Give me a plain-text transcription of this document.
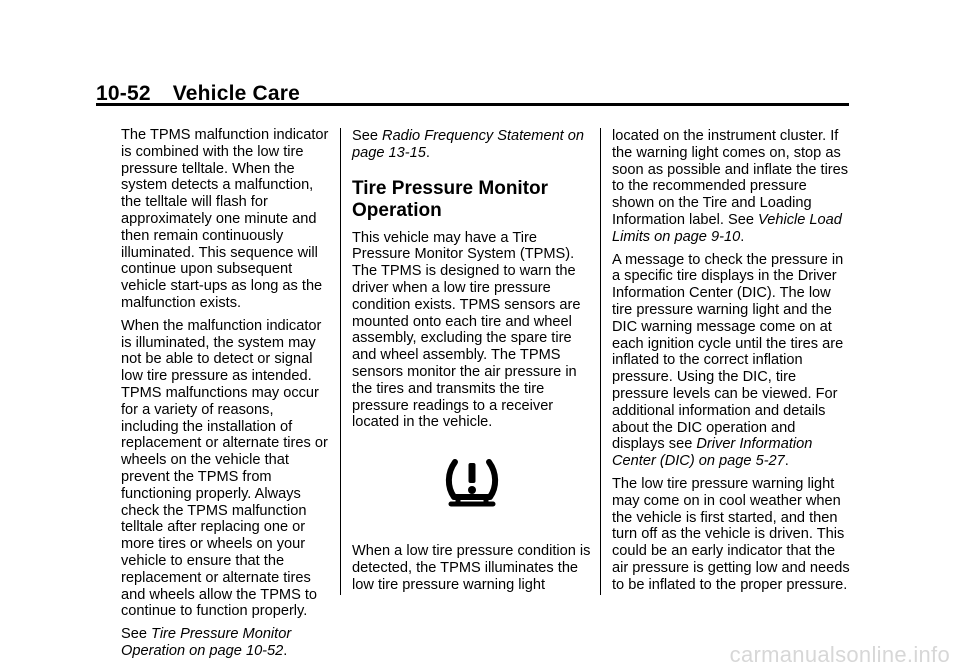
10-52 Vehicle Care

The TPMS malfunction indicator is combined with the low tire pressure telltale. When the system detects a malfunction, the telltale will flash for approximately one minute and then remain continuously illuminated. This sequence will continue upon subsequent vehicle start-ups as long as the malfunction exists.

When the malfunction indicator is illuminated, the system may not be able to detect or signal low tire pressure as intended. TPMS malfunctions may occur for a variety of reasons, including the installation of replacement or alternate tires or wheels on the vehicle that prevent the TPMS from functioning properly. Always check the TPMS malfunction telltale after replacing one or more tires or wheels on your vehicle to ensure that the replacement or alternate tires and wheels allow the TPMS to continue to function properly.

See Tire Pressure Monitor Operation on page 10-52.

See Radio Frequency Statement on page 13-15.

Tire Pressure Monitor Operation

This vehicle may have a Tire Pressure Monitor System (TPMS). The TPMS is designed to warn the driver when a low tire pressure condition exists. TPMS sensors are mounted onto each tire and wheel assembly, excluding the spare tire and wheel assembly. The TPMS sensors monitor the air pressure in the tires and transmits the tire pressure readings to a receiver located in the vehicle.

When a low tire pressure condition is detected, the TPMS illuminates the low tire pressure warning light

located on the instrument cluster. If the warning light comes on, stop as soon as possible and inflate the tires to the recommended pressure shown on the Tire and Loading Information label. See Vehicle Load Limits on page 9-10.

A message to check the pressure in a specific tire displays in the Driver Information Center (DIC). The low tire pressure warning light and the DIC warning message come on at each ignition cycle until the tires are inflated to the correct inflation pressure. Using the DIC, tire pressure levels can be viewed. For additional information and details about the DIC operation and displays see Driver Information Center (DIC) on page 5-27.

The low tire pressure warning light may come on in cool weather when the vehicle is first started, and then turn off as the vehicle is driven. This could be an early indicator that the air pressure is getting low and needs to be inflated to the proper pressure.

carmanualsonline.info
